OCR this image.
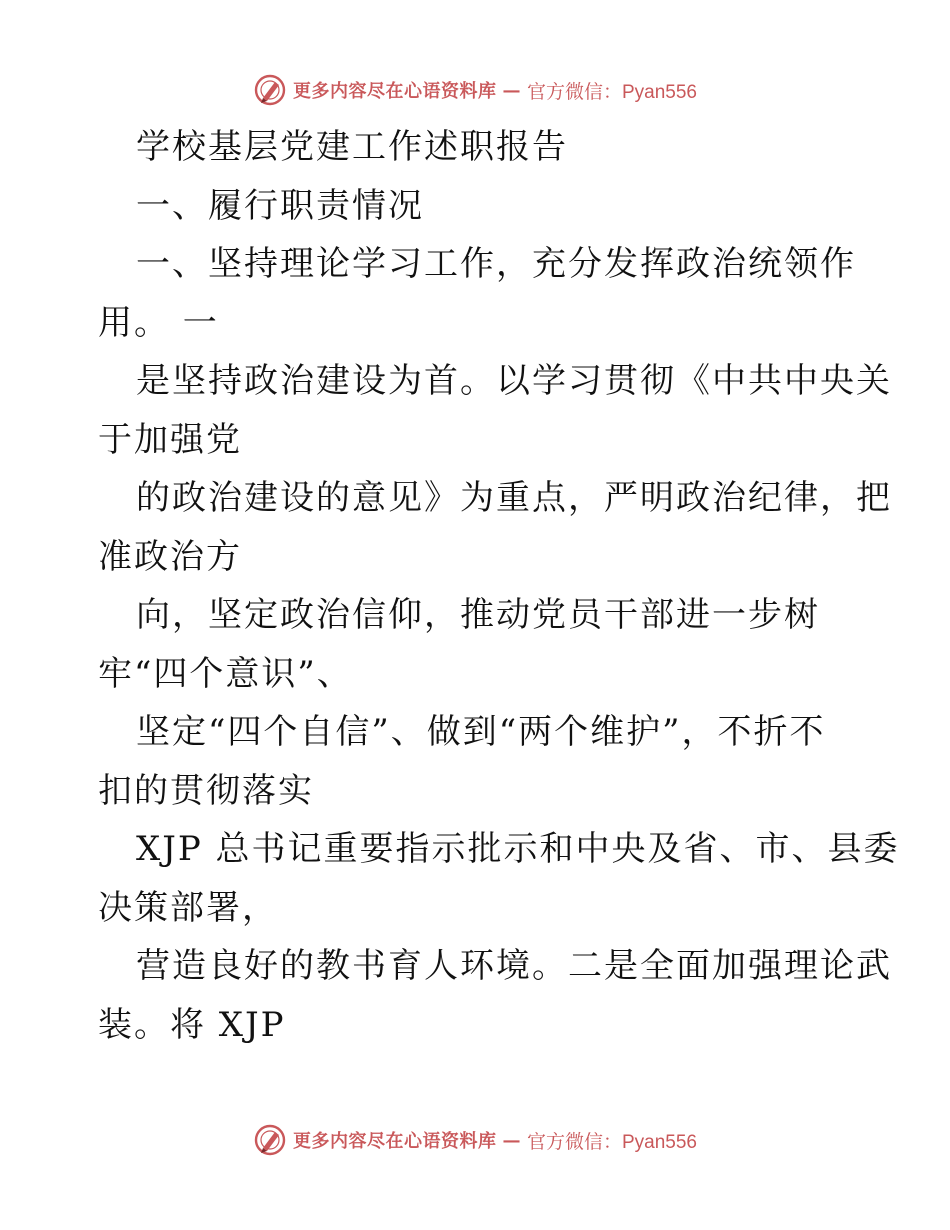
更多内容尽在心语资料库 — 官方微信：Pyan556

学校基层党建工作述职报告

一、履行职责情况

一、坚持理论学习工作，充分发挥政治统领作

用。 一

是坚持政治建设为首。以学习贯彻《中共中央关

于加强党

的政治建设的意见》为重点，严明政治纪律，把

准政治方

向，坚定政治信仰，推动党员干部进一步树

牢“四个意识”、

坚定“四个自信”、做到“两个维护”，不折不

扣的贯彻落实

XJP 总书记重要指示批示和中央及省、市、县委

决策部署，

营造良好的教书育人环境。二是全面加强理论武

装。将 XJP

更多内容尽在心语资料库 — 官方微信：Pyan556
